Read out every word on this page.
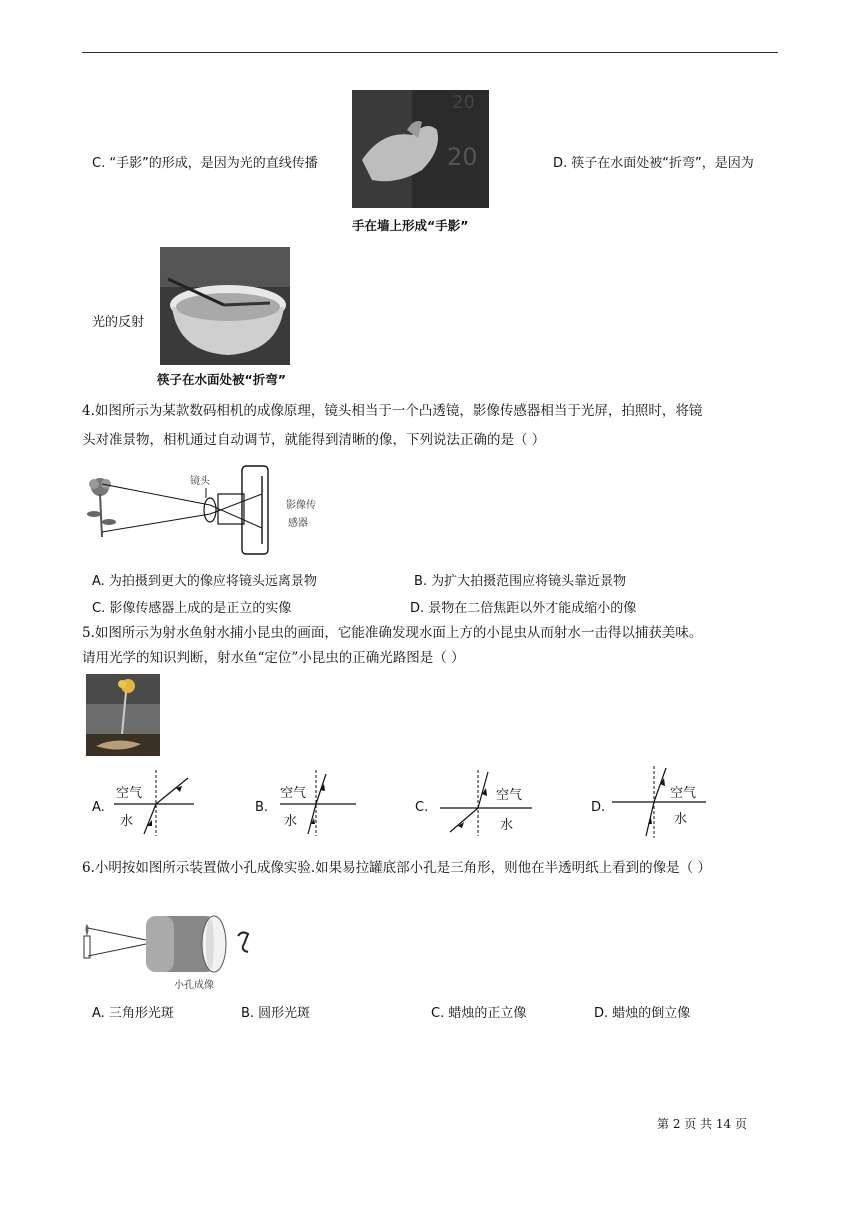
C. “手影”的形成，是因为光的直线传播	20
20
手在墙上形成“手影”
D. 筷子在水面处被“折弯”，是因为
光的反射
筷子在水面处被“折弯”
4.如图所示为某款数码相机的成像原理，镜头相当于一个凸透镜，影像传感器相当于光屏，拍照时，将镜
头对准景物，相机通过自动调节，就能得到清晰的像，下列说法正确的是（ ）
镜头
影像传
感器
A. 为拍摄到更大的像应将镜头远离景物	B. 为扩大拍摄范围应将镜头靠近景物
C. 影像传感器上成的是正立的实像	D. 景物在二倍焦距以外才能成缩小的像
5.如图所示为射水鱼射水捕小昆虫的画面，它能准确发现水面上方的小昆虫从而射水一击得以捕获美味。
请用光学的知识判断，射水鱼“定位”小昆虫的正确光路图是（ ）
A.
空气
水
B.
空气
水
C.
空气
水
D.
空气
水
6.小明按如图所示装置做小孔成像实验.如果易拉罐底部小孔是三角形，则他在半透明纸上看到的像是（ ）
小孔成像
A. 三角形光斑	B. 圆形光斑	C. 蜡烛的正立像	D. 蜡烛的倒立像
第 2 页 共 14 页
